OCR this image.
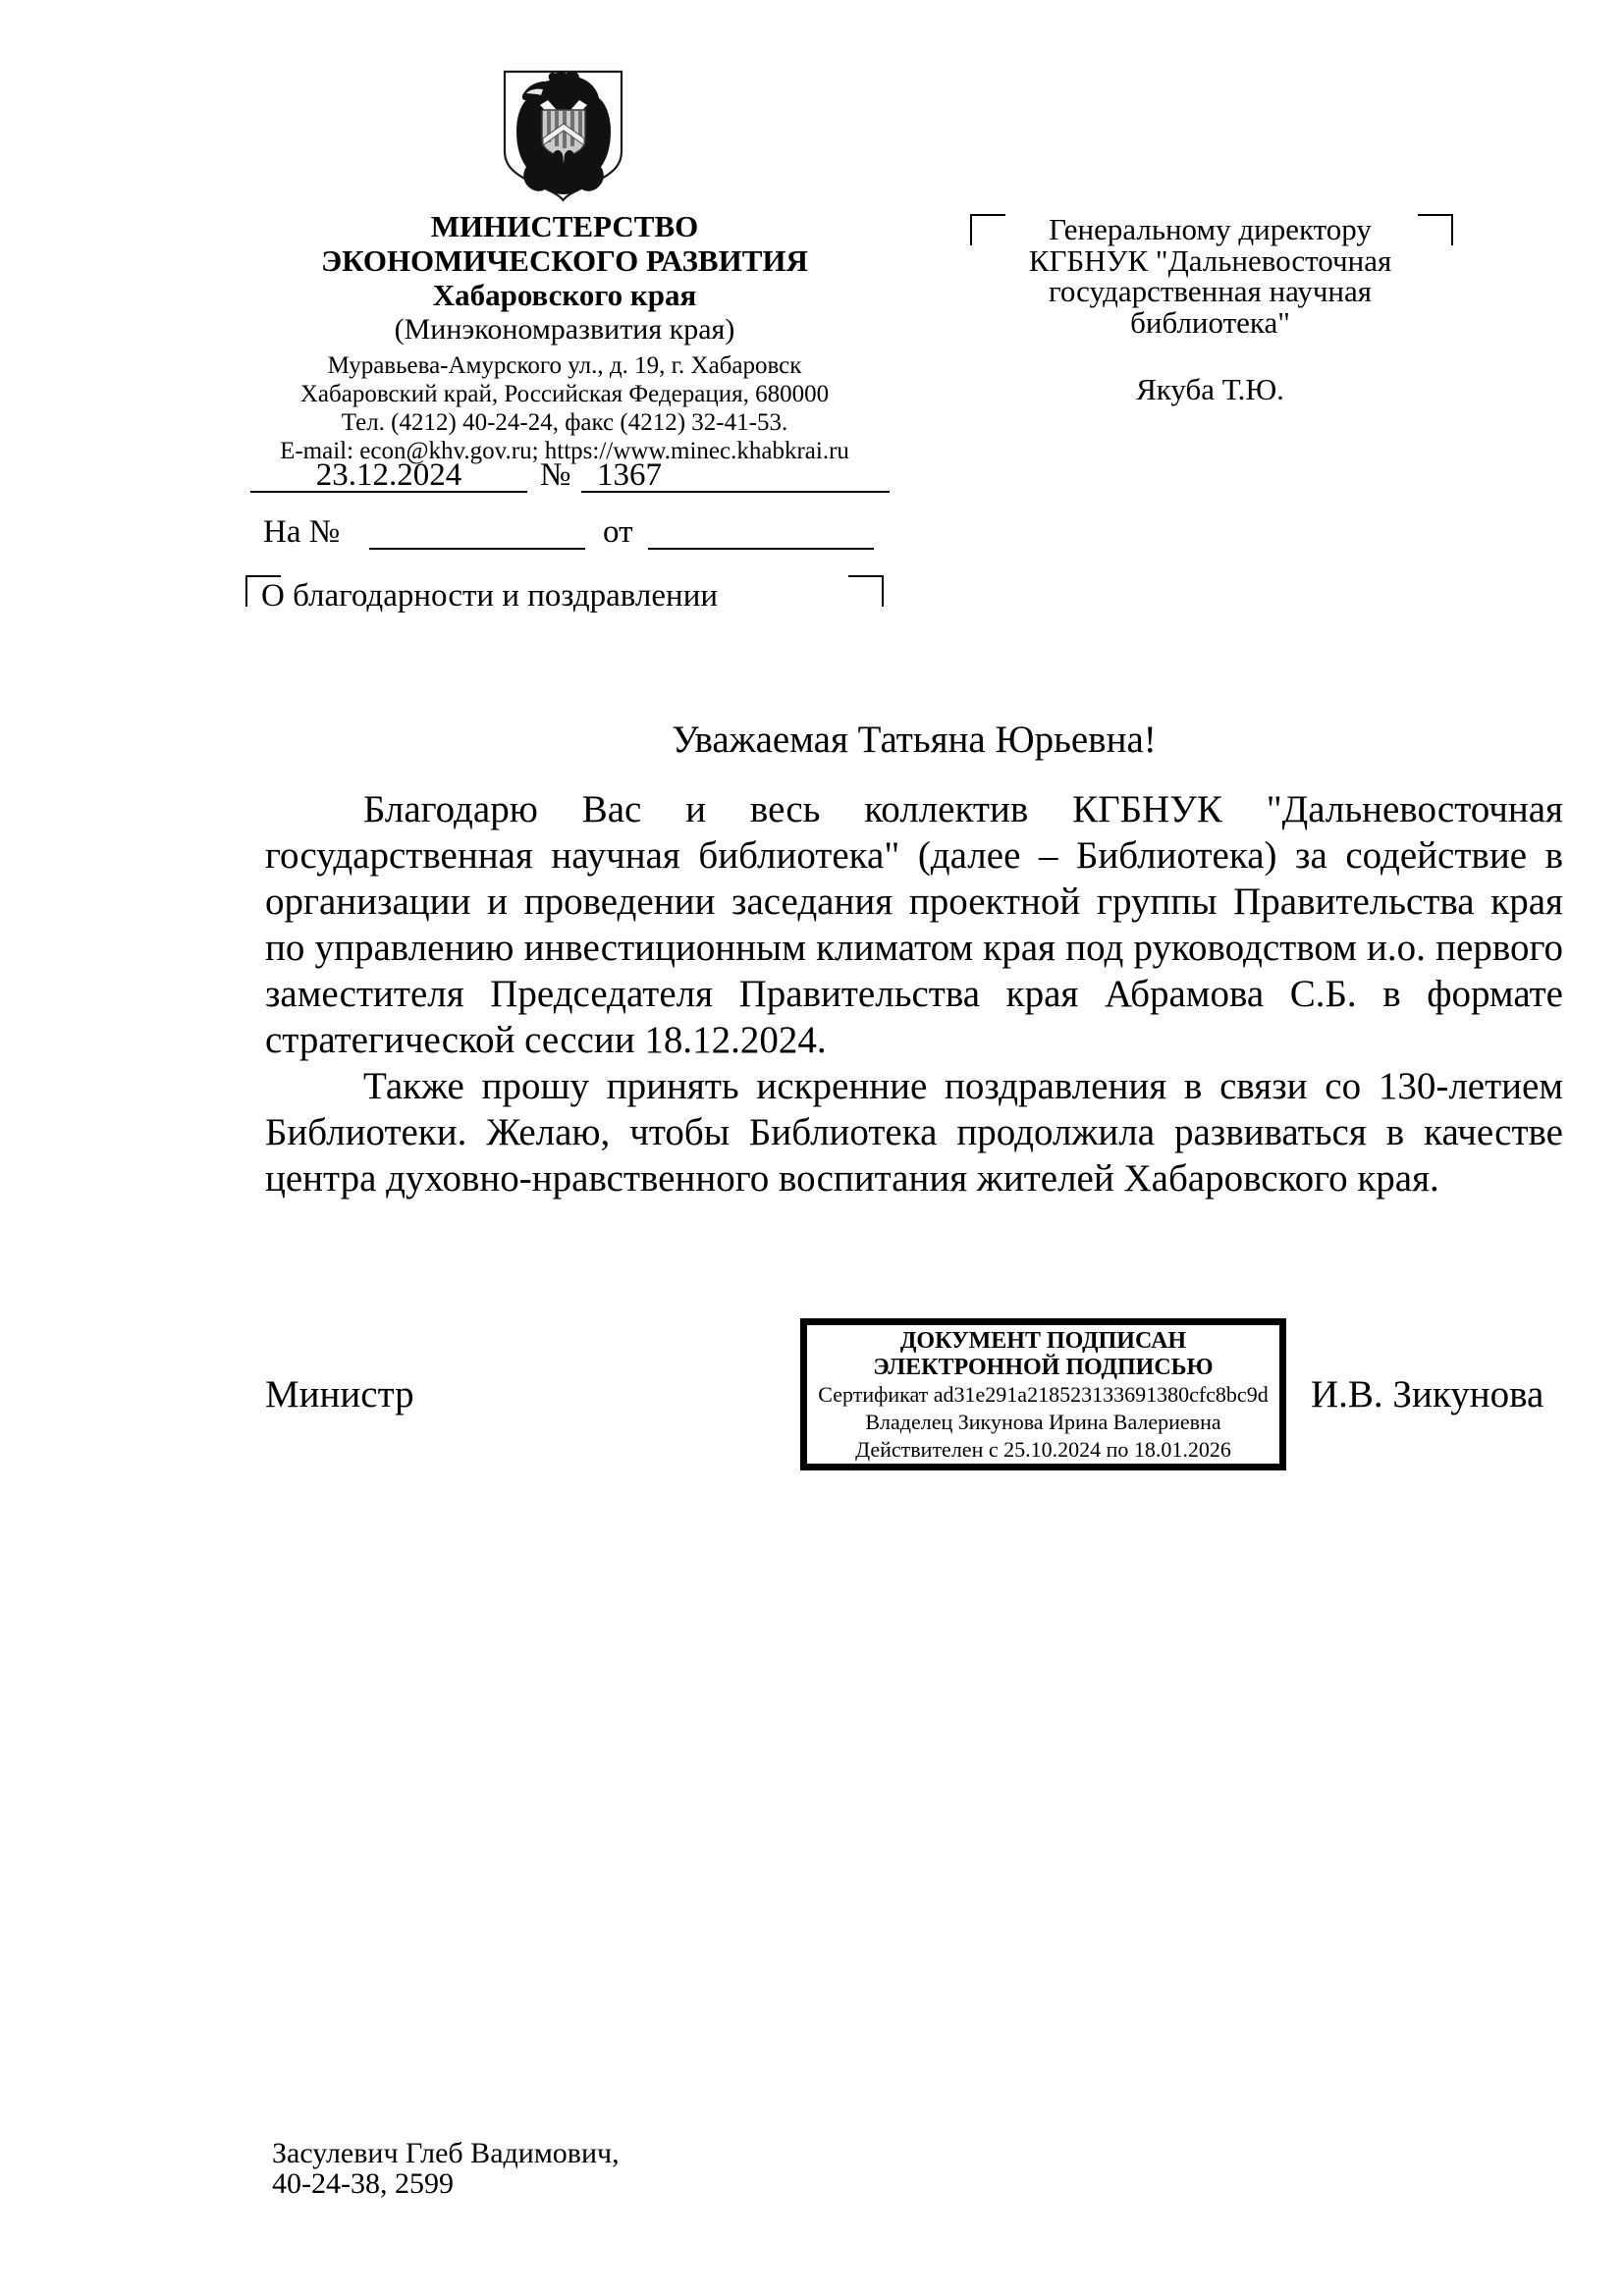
МИНИСТЕРСТВО
ЭКОНОМИЧЕСКОГО РАЗВИТИЯ
Хабаровского края
(Минэкономразвития края)
Муравьева-Амурского ул., д. 19, г. Хабаровск
Хабаровский край, Российская Федерация, 680000
Тел. (4212) 40-24-24, факс (4212) 32-41-53.
E-mail: econ@khv.gov.ru; https://www.minec.khabkrai.ru
23.12.2024	№ 1367
На №	от
О благодарности и поздравлении
Генеральному директору
КГБНУК "Дальневосточная
государственная научная
библиотека"
Якуба Т.Ю.
Уважаемая Татьяна Юрьевна!

Благодарю Вас и весь коллектив КГБНУК "Дальневосточная государственная научная библиотека" (далее – Библиотека) за содействие в организации и проведении заседания проектной группы Правительства края по управлению инвестиционным климатом края под руководством и.о. первого заместителя Председателя Правительства края Абрамова С.Б. в формате стратегической сессии 18.12.2024.

Также прошу принять искренние поздравления в связи со 130-летием Библиотеки. Желаю, чтобы Библиотека продолжила развиваться в качестве центра духовно-нравственного воспитания жителей Хабаровского края.

Министр
ДОКУМЕНТ ПОДПИСАН
ЭЛЕКТРОННОЙ ПОДПИСЬЮ
Сертификат ad31e291a218523133691380cfc8bc9d
Владелец Зикунова Ирина Валериевна
Действителен с 25.10.2024 по 18.01.2026
И.В. Зикунова
Засулевич Глеб Вадимович,
40-24-38, 2599
